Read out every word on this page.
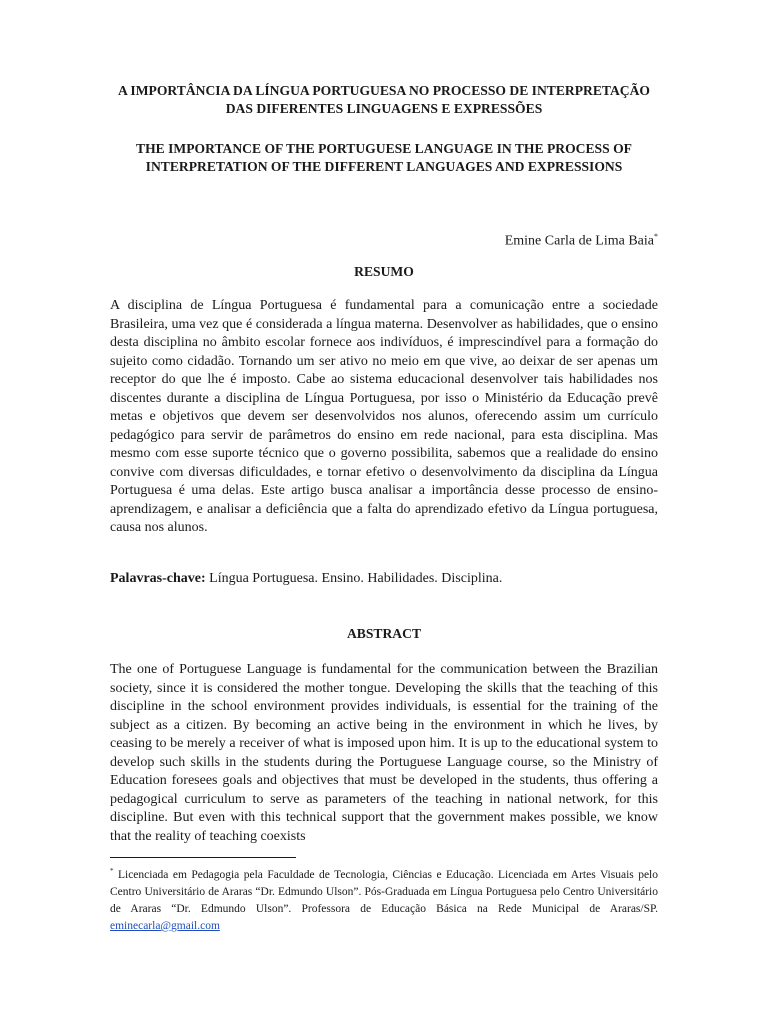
A IMPORTÂNCIA DA LÍNGUA PORTUGUESA NO PROCESSO DE INTERPRETAÇÃO DAS DIFERENTES LINGUAGENS E EXPRESSÕES
THE IMPORTANCE OF THE PORTUGUESE LANGUAGE IN THE PROCESS OF INTERPRETATION OF THE DIFFERENT LANGUAGES AND EXPRESSIONS
Emine Carla de Lima Baia*
RESUMO

A disciplina de Língua Portuguesa é fundamental para a comunicação entre a sociedade Brasileira, uma vez que é considerada a língua materna. Desenvolver as habilidades, que o ensino desta disciplina no âmbito escolar fornece aos indivíduos, é imprescindível para a formação do sujeito como cidadão. Tornando um ser ativo no meio em que vive, ao deixar de ser apenas um receptor do que lhe é imposto. Cabe ao sistema educacional desenvolver tais habilidades nos discentes durante a disciplina de Língua Portuguesa, por isso o Ministério da Educação prevê metas e objetivos que devem ser desenvolvidos nos alunos, oferecendo assim um currículo pedagógico para servir de parâmetros do ensino em rede nacional, para esta disciplina. Mas mesmo com esse suporte técnico que o governo possibilita, sabemos que a realidade do ensino convive com diversas dificuldades, e tornar efetivo o desenvolvimento da disciplina da Língua Portuguesa é uma delas. Este artigo busca analisar a importância desse processo de ensino-aprendizagem, e analisar a deficiência que a falta do aprendizado efetivo da Língua portuguesa, causa nos alunos.

Palavras-chave: Língua Portuguesa. Ensino. Habilidades. Disciplina.

ABSTRACT

The one of Portuguese Language is fundamental for the communication between the Brazilian society, since it is considered the mother tongue. Developing the skills that the teaching of this discipline in the school environment provides individuals, is essential for the training of the subject as a citizen. By becoming an active being in the environment in which he lives, by ceasing to be merely a receiver of what is imposed upon him. It is up to the educational system to develop such skills in the students during the Portuguese Language course, so the Ministry of Education foresees goals and objectives that must be developed in the students, thus offering a pedagogical curriculum to serve as parameters of the teaching in national network, for this discipline. But even with this technical support that the government makes possible, we know that the reality of teaching coexists

* Licenciada em Pedagogia pela Faculdade de Tecnologia, Ciências e Educação. Licenciada em Artes Visuais pelo Centro Universitário de Araras “Dr. Edmundo Ulson”. Pós-Graduada em Língua Portuguesa pelo Centro Universitário de Araras “Dr. Edmundo Ulson”. Professora de Educação Básica na Rede Municipal de Araras/SP. eminecarla@gmail.com
